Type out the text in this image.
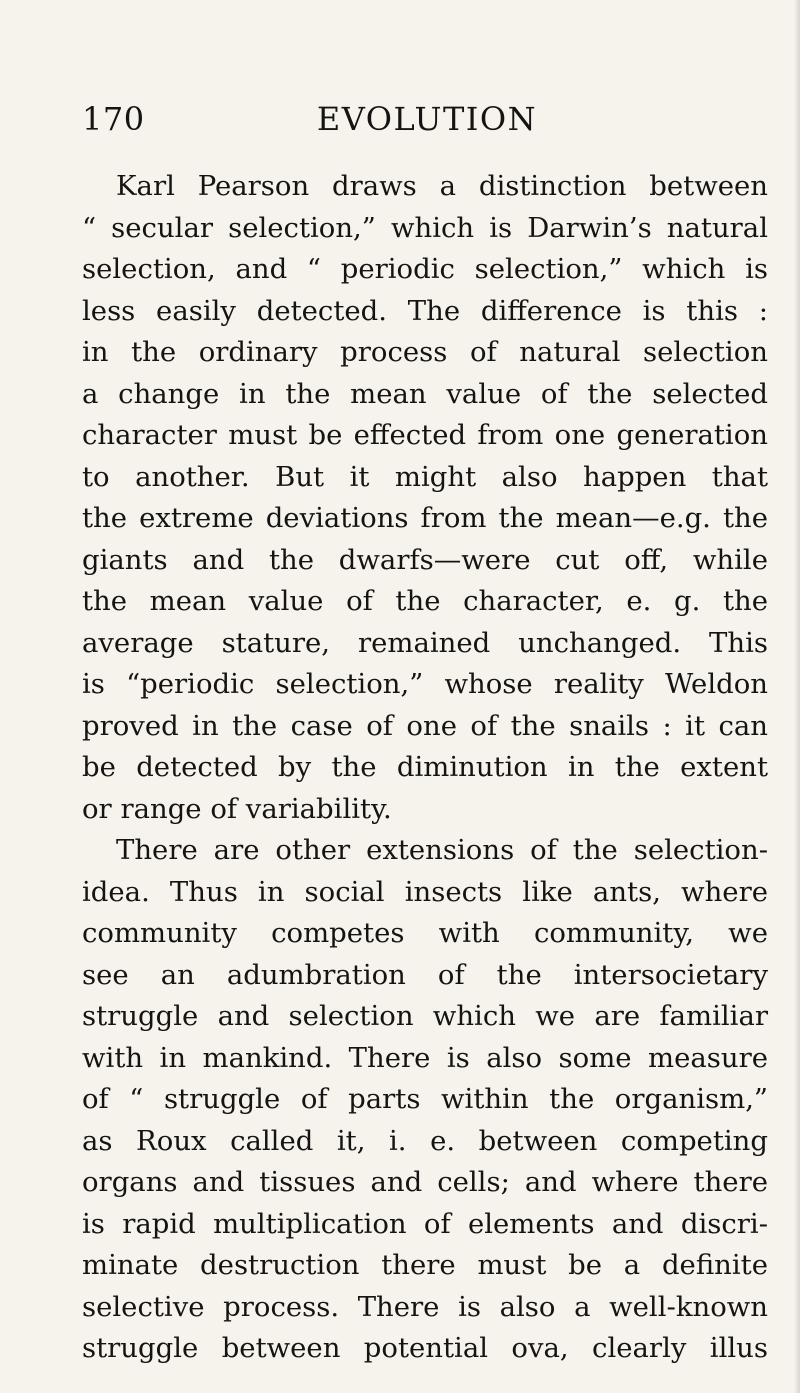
170	EVOLUTION
Karl Pearson draws a distinction between
“ secular selection,” which is Darwin’s natural
selection, and “ periodic selection,” which is
less easily detected. The difference is this :
in the ordinary process of natural selection
a change in the mean value of the selected
character must be effected from one generation
to another. But it might also happen that
the extreme deviations from the mean—e.g. the
giants and the dwarfs—were cut off, while
the mean value of the character, e. g. the
average stature, remained unchanged. This
is “periodic selection,” whose reality Weldon
proved in the case of one of the snails : it can
be detected by the diminution in the extent
or range of variability.
There are other extensions of the selection-
idea. Thus in social insects like ants, where
community competes with community, we
see an adumbration of the intersocietary
struggle and selection which we are familiar
with in mankind. There is also some measure
of “ struggle of parts within the organism,”
as Roux called it, i. e. between competing
organs and tissues and cells; and where there
is rapid multiplication of elements and discri-
minate destruction there must be a definite
selective process. There is also a well-known
struggle between potential ova, clearly illus
